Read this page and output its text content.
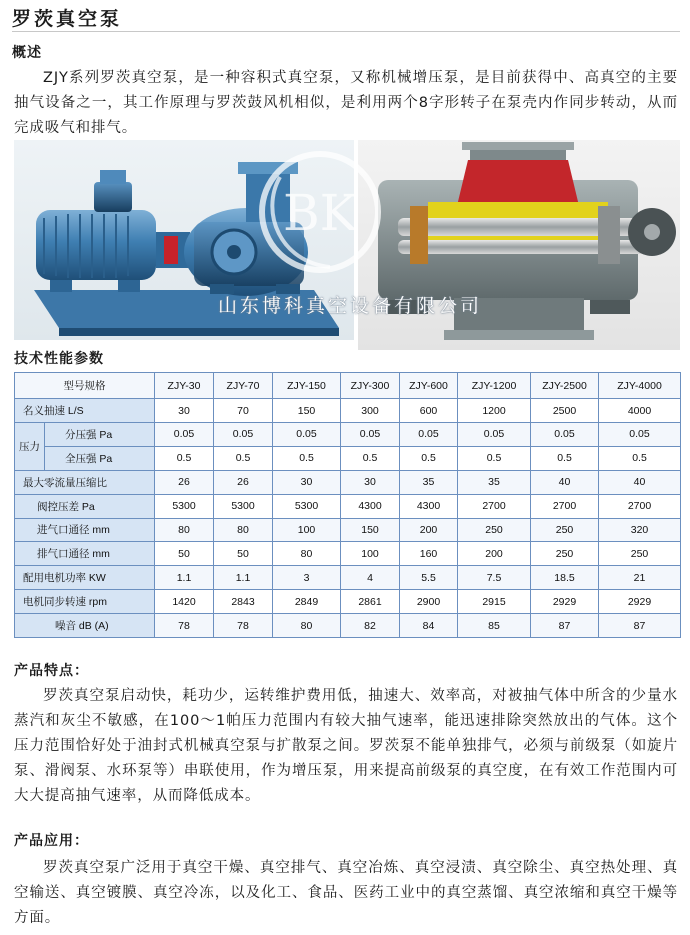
罗茨真空泵
概述
ZJY系列罗茨真空泵，是一种容积式真空泵，又称机械增压泵，是目前获得中、高真空的主要抽气设备之一，其工作原理与罗茨鼓风机相似，是利用两个8字形转子在泵壳内作同步转动，从而完成吸气和排气。
BK
山东博科真空设备有限公司
技术性能参数
型号规格		ZJY-30	ZJY-70	ZJY-150	ZJY-300	ZJY-600	ZJY-1200	ZJY-2500	ZJY-4000
名义抽速 L/S		30	70	150	300	600	1200	2500	4000
压力	分压强 Pa	0.05	0.05	0.05	0.05	0.05	0.05	0.05	0.05
	全压强 Pa	0.5	0.5	0.5	0.5	0.5	0.5	0.5	0.5
最大零流量压缩比		26	26	30	30	35	35	40	40
阀控压差 Pa		5300	5300	5300	4300	4300	2700	2700	2700
进气口通径 mm		80	80	100	150	200	250	250	320
排气口通径 mm		50	50	80	100	160	200	250	250
配用电机功率 KW		1.1	1.1	3	4	5.5	7.5	18.5	21
电机同步转速 rpm		1420	2843	2849	2861	2900	2915	2929	2929
噪音 dB (A)		78	78	80	82	84	85	87	87
产品特点：
罗茨真空泵启动快，耗功少，运转维护费用低，抽速大、效率高，对被抽气体中所含的少量水蒸汽和灰尘不敏感，在100～1帕压力范围内有较大抽气速率，能迅速排除突然放出的气体。这个压力范围恰好处于油封式机械真空泵与扩散泵之间。罗茨泵不能单独排气，必须与前级泵（如旋片泵、滑阀泵、水环泵等）串联使用，作为增压泵，用来提高前级泵的真空度，在有效工作范围内可大大提高抽气速率，从而降低成本。
产品应用：
罗茨真空泵广泛用于真空干燥、真空排气、真空冶炼、真空浸渍、真空除尘、真空热处理、真空输送、真空镀膜、真空冷冻，以及化工、食品、医药工业中的真空蒸馏、真空浓缩和真空干燥等方面。
